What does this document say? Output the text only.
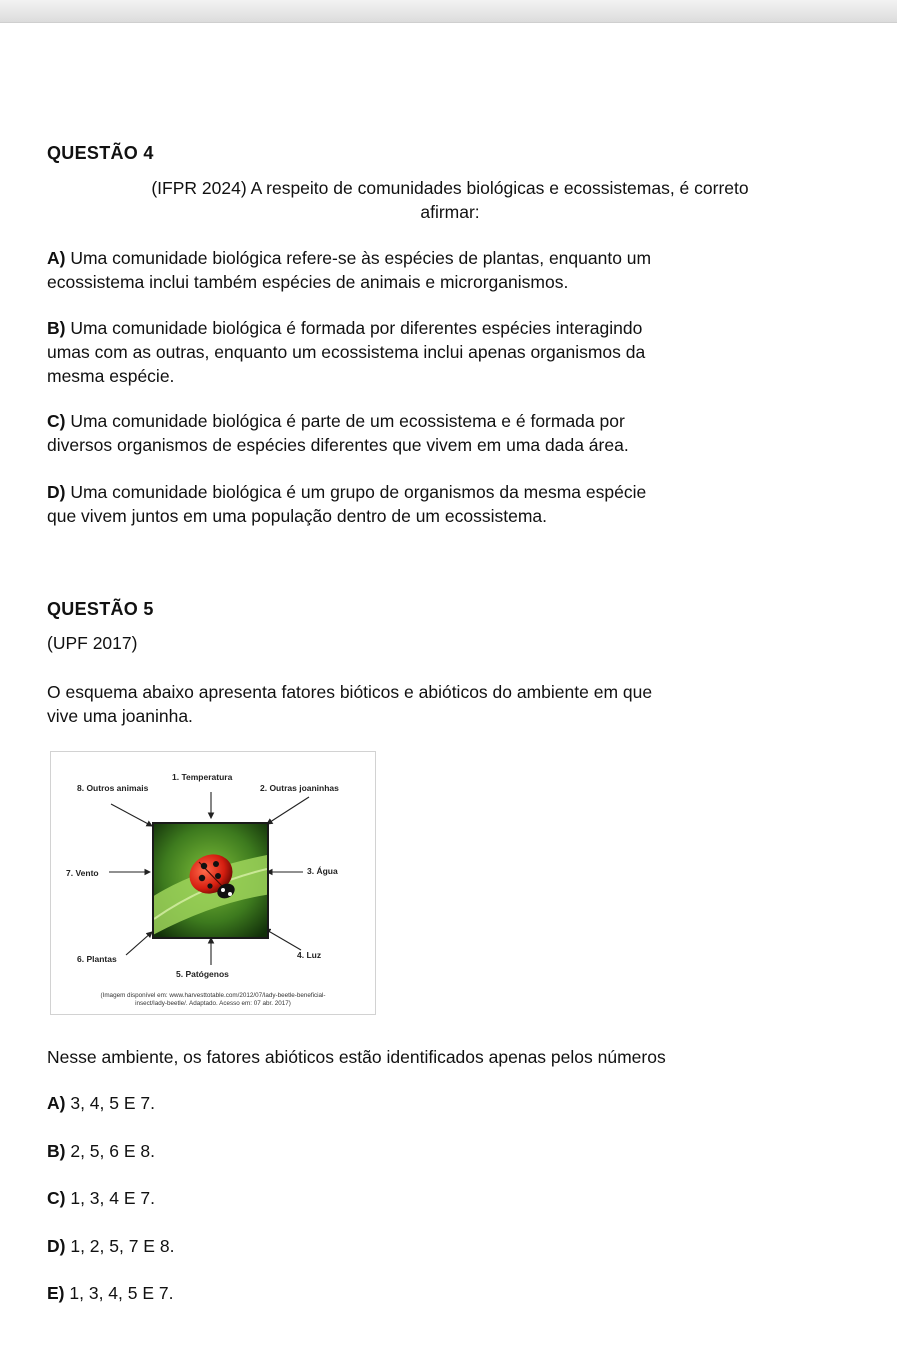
QUESTÃO 4
(IFPR 2024) A respeito de comunidades biológicas e ecossistemas, é correto
afirmar:
A) Uma comunidade biológica refere-se às espécies de plantas, enquanto um
ecossistema inclui também espécies de animais e microrganismos.
B) Uma comunidade biológica é formada por diferentes espécies interagindo
umas com as outras, enquanto um ecossistema inclui apenas organismos da
mesma espécie.
C) Uma comunidade biológica é parte de um ecossistema e é formada por
diversos organismos de espécies diferentes que vivem em uma dada área.
D) Uma comunidade biológica é um grupo de organismos da mesma espécie
que vivem juntos em uma população dentro de um ecossistema.
QUESTÃO 5
(UPF 2017)
O esquema abaixo apresenta fatores bióticos e abióticos do ambiente em que
vive uma joaninha.
1. Temperatura
8. Outros animais	2. Outras joaninhas
7. Vento	3. Água
4. Luz
6. Plantas
5. Patógenos
(Imagem disponível em: www.harvesttotable.com/2012/07/lady-beetle-beneficial-
insect/lady-beetle/. Adaptado. Acesso em: 07 abr. 2017)
Nesse ambiente, os fatores abióticos estão identificados apenas pelos números
A) 3, 4, 5 E 7.
B) 2, 5, 6 E 8.
C) 1, 3, 4 E 7.
D) 1, 2, 5, 7 E 8.
E) 1, 3, 4, 5 E 7.
